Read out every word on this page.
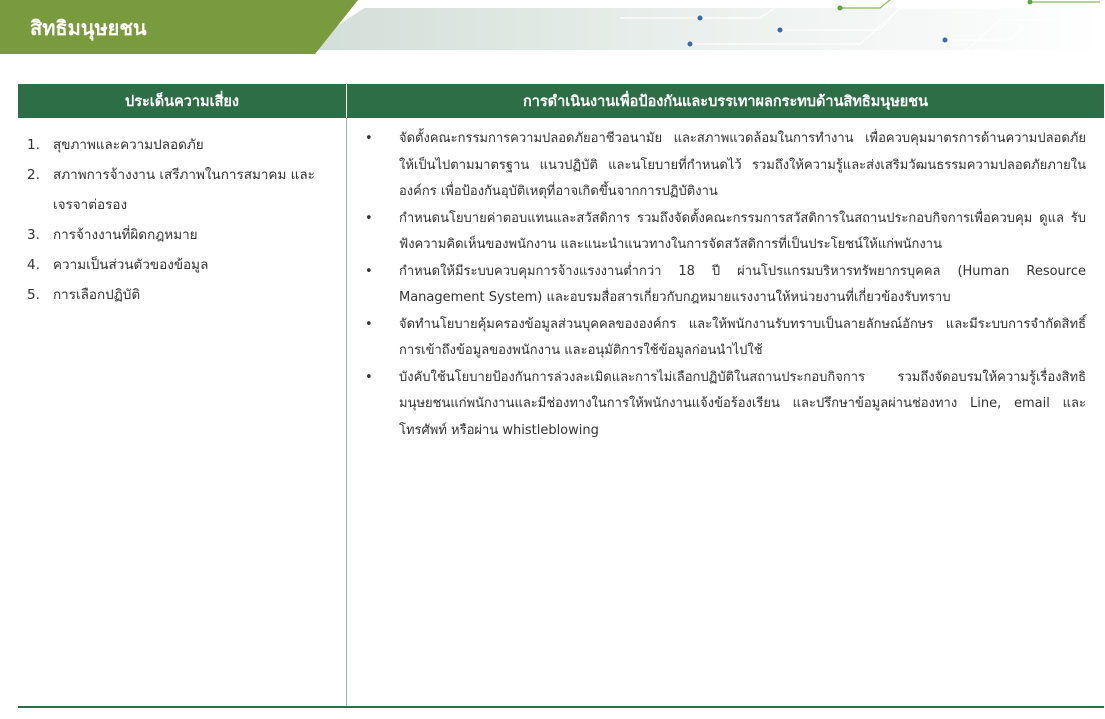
สิทธิมนุษยชน
ประเด็นความเสี่ยง	การดำเนินงานเพื่อป้องกันและบรรเทาผลกระทบด้านสิทธิมนุษยชน
1. สุขภาพและความปลอดภัย
2. สภาพการจ้างงาน เสรีภาพในการสมาคม และเจรจาต่อรอง
3. การจ้างงานที่ผิดกฎหมาย
4. ความเป็นส่วนตัวของข้อมูล
5. การเลือกปฏิบัติ
•	จัดตั้งคณะกรรมการความปลอดภัยอาชีวอนามัย และสภาพแวดล้อมในการทำงาน เพื่อควบคุมมาตรการด้านความปลอดภัยให้เป็นไปตามมาตรฐาน แนวปฏิบัติ และนโยบายที่กำหนดไว้ รวมถึงให้ความรู้และส่งเสริมวัฒนธรรมความปลอดภัยภายในองค์กร เพื่อป้องกันอุบัติเหตุที่อาจเกิดขึ้นจากการปฏิบัติงาน
•	กำหนดนโยบายค่าตอบแทนและสวัสดิการ รวมถึงจัดตั้งคณะกรรมการสวัสดิการในสถานประกอบกิจการเพื่อควบคุม ดูแล รับฟังความคิดเห็นของพนักงาน และแนะนำแนวทางในการจัดสวัสดิการที่เป็นประโยชน์ให้แก่พนักงาน
•	กำหนดให้มีระบบควบคุมการจ้างแรงงานต่ำกว่า 18 ปี ผ่านโปรแกรมบริหารทรัพยากรบุคคล (Human Resource Management System) และอบรมสื่อสารเกี่ยวกับกฎหมายแรงงานให้หน่วยงานที่เกี่ยวข้องรับทราบ
•	จัดทำนโยบายคุ้มครองข้อมูลส่วนบุคคลขององค์กร และให้พนักงานรับทราบเป็นลายลักษณ์อักษร และมีระบบการจำกัดสิทธิ์การเข้าถึงข้อมูลของพนักงาน และอนุมัติการใช้ข้อมูลก่อนนำไปใช้
•	บังคับใช้นโยบายป้องกันการล่วงละเมิดและการไม่เลือกปฏิบัติในสถานประกอบกิจการ รวมถึงจัดอบรมให้ความรู้เรื่องสิทธิมนุษยชนแก่พนักงานและมีช่องทางในการให้พนักงานแจ้งข้อร้องเรียน และปรึกษาข้อมูลผ่านช่องทาง Line, email และโทรศัพท์ หรือผ่าน whistleblowing
